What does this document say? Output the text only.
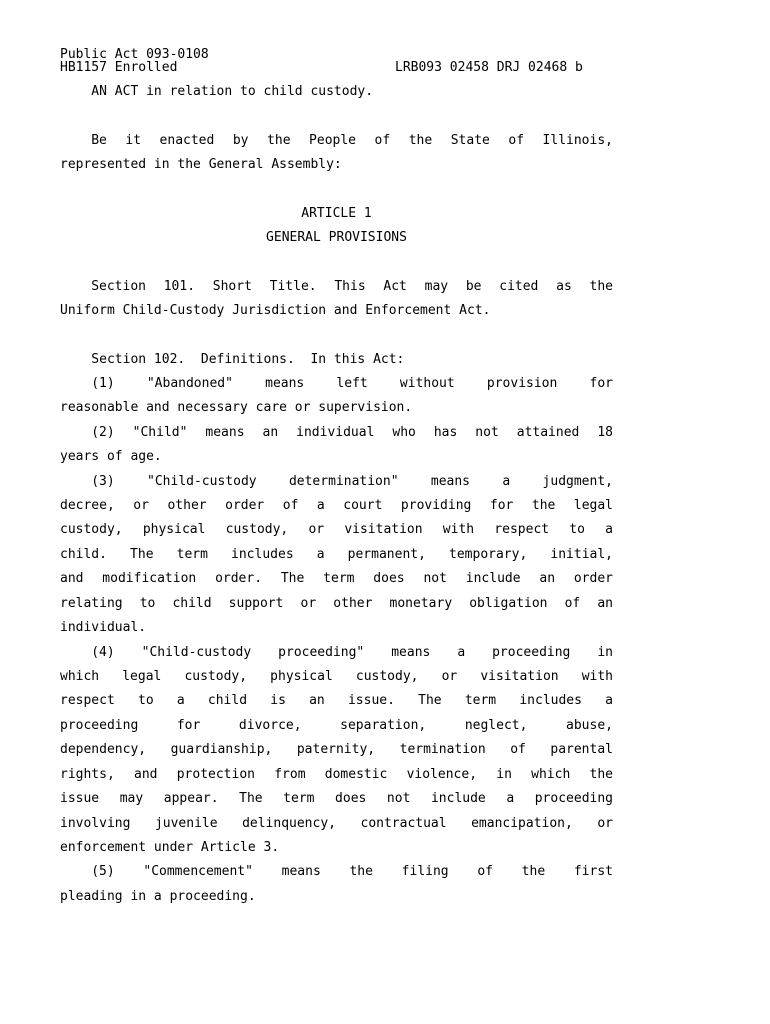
Public Act 093-0108
HB1157 Enrolled	LRB093 02458 DRJ 02468 b
AN ACT in relation to child custody.
Be it enacted by the People of the State of Illinois,
represented in the General Assembly:
ARTICLE 1
GENERAL PROVISIONS
Section 101. Short Title. This Act may be cited as the
Uniform Child-Custody Jurisdiction and Enforcement Act.
Section 102.  Definitions.  In this Act:
(1) "Abandoned" means left without provision for
reasonable and necessary care or supervision.
(2) "Child" means an individual who has not attained 18
years of age.
(3) "Child-custody determination" means a judgment,
decree, or other order of a court providing for the legal
custody, physical custody, or visitation with respect to a
child. The term includes a permanent, temporary, initial,
and modification order. The term does not include an order
relating to child support or other monetary obligation of an
individual.
(4) "Child-custody proceeding" means a proceeding in
which legal custody, physical custody, or visitation with
respect to a child is an issue. The term includes a
proceeding for divorce, separation, neglect, abuse,
dependency, guardianship, paternity, termination of parental
rights, and protection from domestic violence, in which the
issue may appear. The term does not include a proceeding
involving juvenile delinquency, contractual emancipation, or
enforcement under Article 3.
(5) "Commencement" means the filing of the first
pleading in a proceeding.
